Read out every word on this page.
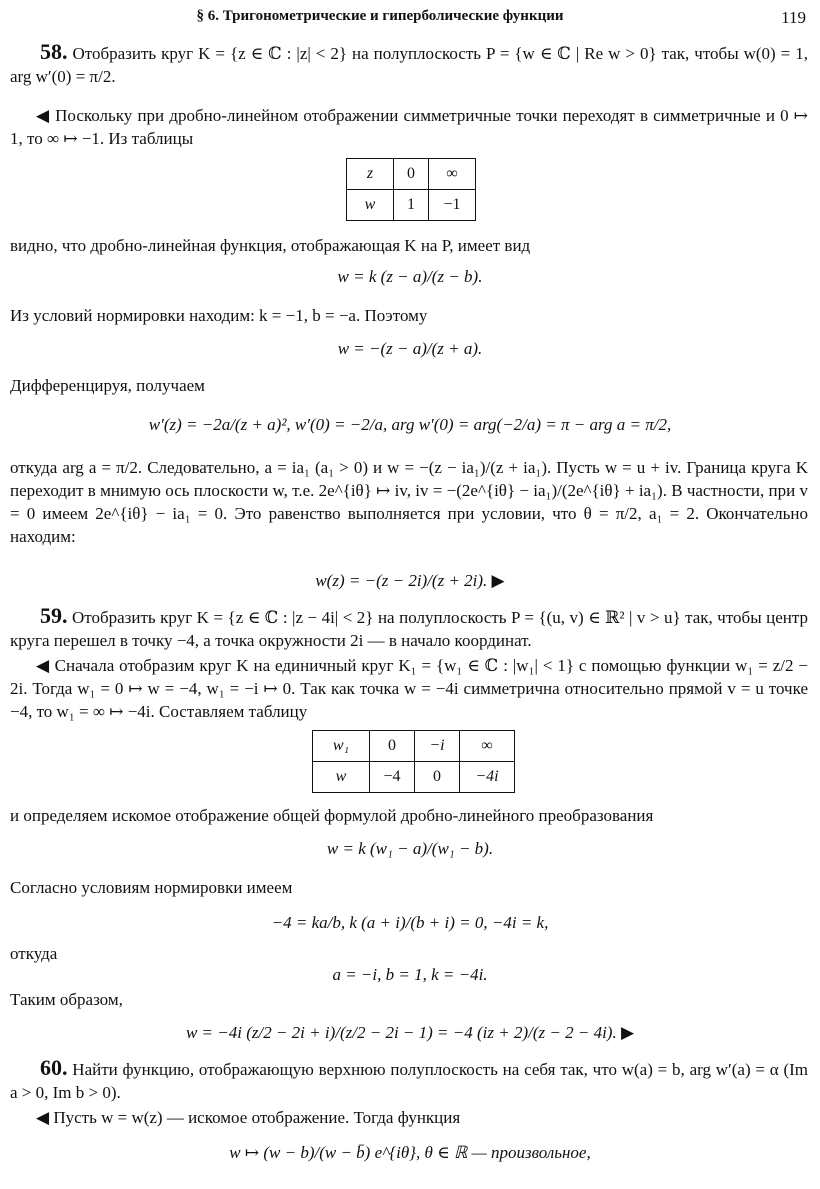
§ 6. Тригонометрические и гиперболические функции	119
58. Отобразить круг K = {z ∈ ℂ : |z| < 2} на полуплоскость P = {w ∈ ℂ | Re w > 0} так, чтобы w(0) = 1, arg w′(0) = π/2.
◀ Поскольку при дробно-линейном отображении симметричные точки переходят в симметричные и 0 ↦ 1, то ∞ ↦ −1. Из таблицы
z	0	∞
w	1	−1
видно, что дробно-линейная функция, отображающая K на P, имеет вид
w = k (z − a)/(z − b).
Из условий нормировки находим: k = −1, b = −a. Поэтому
w = −(z − a)/(z + a).
Дифференцируя, получаем
w′(z) = −2a/(z + a)², w′(0) = −2/a, arg w′(0) = arg(−2/a) = π − arg a = π/2,
откуда arg a = π/2. Следовательно, a = ia₁ (a₁ > 0) и w = −(z − ia₁)/(z + ia₁). Пусть w = u + iv. Граница круга K переходит в мнимую ось плоскости w, т.е. 2e^{iθ} ↦ iv, iv = −(2e^{iθ} − ia₁)/(2e^{iθ} + ia₁). В частности, при v = 0 имеем 2e^{iθ} − ia₁ = 0. Это равенство выполняется при условии, что θ = π/2, a₁ = 2. Окончательно находим:
w(z) = −(z − 2i)/(z + 2i). ▶
59. Отобразить круг K = {z ∈ ℂ : |z − 4i| < 2} на полуплоскость P = {(u, v) ∈ ℝ² | v > u} так, чтобы центр круга перешел в точку −4, а точка окружности 2i — в начало координат.
◀ Сначала отобразим круг K на единичный круг K₁ = {w₁ ∈ ℂ : |w₁| < 1} с помощью функции w₁ = z/2 − 2i. Тогда w₁ = 0 ↦ w = −4, w₁ = −i ↦ 0. Так как точка w = −4i симметрична относительно прямой v = u точке −4, то w₁ = ∞ ↦ −4i. Составляем таблицу
w₁	0	−i	∞
w	−4	0	−4i
и определяем искомое отображение общей формулой дробно-линейного преобразования
w = k (w₁ − a)/(w₁ − b).
Согласно условиям нормировки имеем
−4 = ka/b, k (a + i)/(b + i) = 0, −4i = k,
откуда
a = −i, b = 1, k = −4i.
Таким образом,
w = −4i (z/2 − 2i + i)/(z/2 − 2i − 1) = −4 (iz + 2)/(z − 2 − 4i). ▶
60. Найти функцию, отображающую верхнюю полуплоскость на себя так, что w(a) = b, arg w′(a) = α (Im a > 0, Im b > 0).
◀ Пусть w = w(z) — искомое отображение. Тогда функция
w ↦ (w − b)/(w − b̄) e^{iθ}, θ ∈ ℝ — произвольное,
